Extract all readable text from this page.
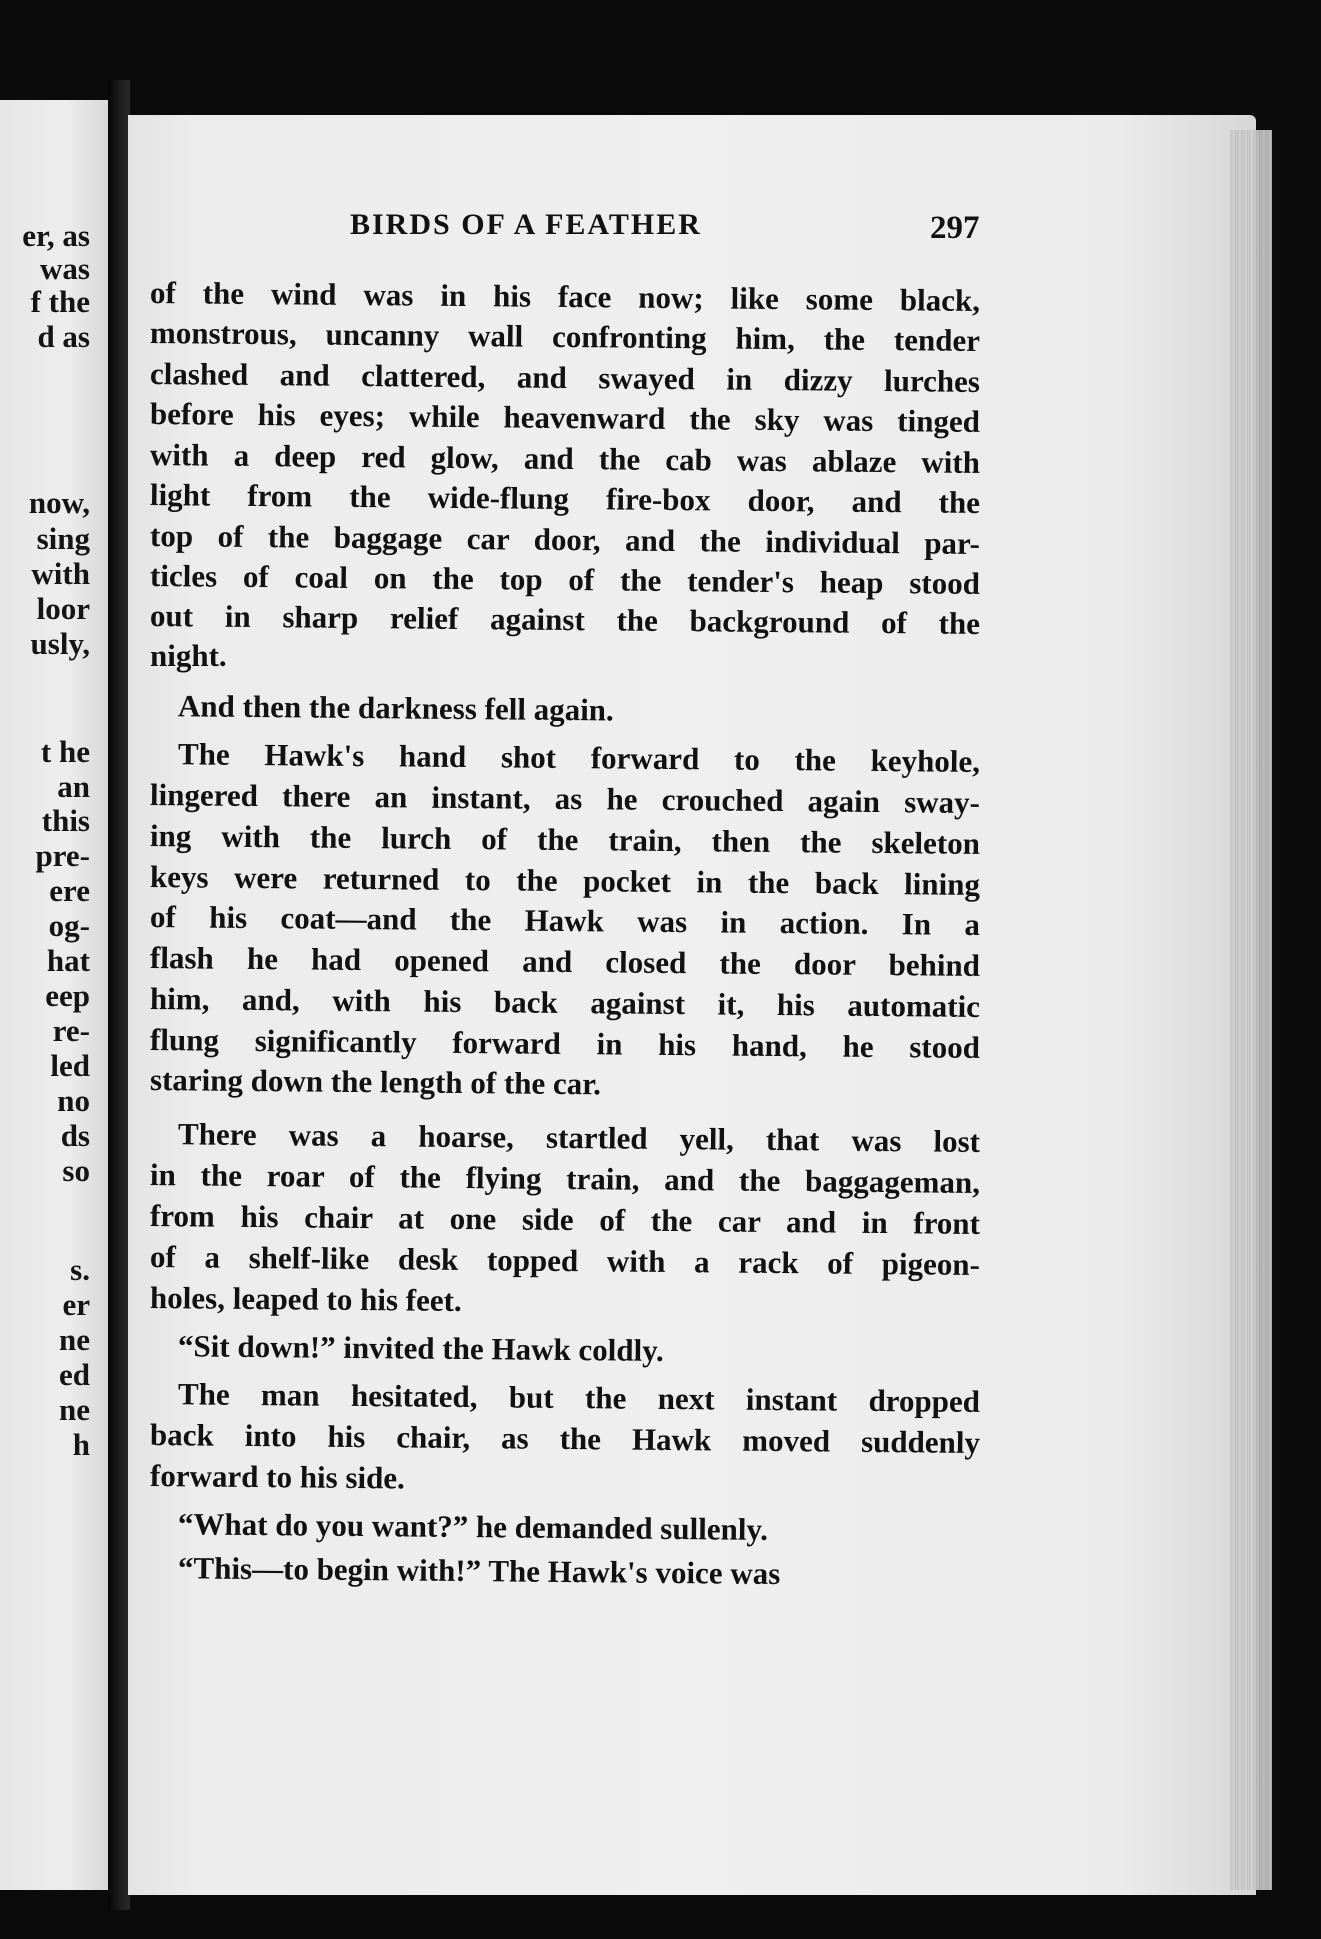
er, as
was
f the
d as
now,
sing
with
loor
usly,
t he
an
this
pre-
ere
og-
hat
eep
re-
led
no
ds
so
s.
er
ne
ed
ne
h
BIRDS OF A FEATHER	297
of the wind was in his face now; like some black,
monstrous, uncanny wall confronting him, the tender
clashed and clattered, and swayed in dizzy lurches
before his eyes; while heavenward the sky was tinged
with a deep red glow, and the cab was ablaze with
light from the wide-flung fire-box door, and the
top of the baggage car door, and the individual par-
ticles of coal on the top of the tender's heap stood
out in sharp relief against the background of the
night.
And then the darkness fell again.
The Hawk's hand shot forward to the keyhole,
lingered there an instant, as he crouched again sway-
ing with the lurch of the train, then the skeleton
keys were returned to the pocket in the back lining
of his coat—and the Hawk was in action. In a
flash he had opened and closed the door behind
him, and, with his back against it, his automatic
flung significantly forward in his hand, he stood
staring down the length of the car.
There was a hoarse, startled yell, that was lost
in the roar of the flying train, and the baggageman,
from his chair at one side of the car and in front
of a shelf-like desk topped with a rack of pigeon-
holes, leaped to his feet.
“Sit down!” invited the Hawk coldly.
The man hesitated, but the next instant dropped
back into his chair, as the Hawk moved suddenly
forward to his side.
“What do you want?” he demanded sullenly.
“This—to begin with!” The Hawk's voice was
